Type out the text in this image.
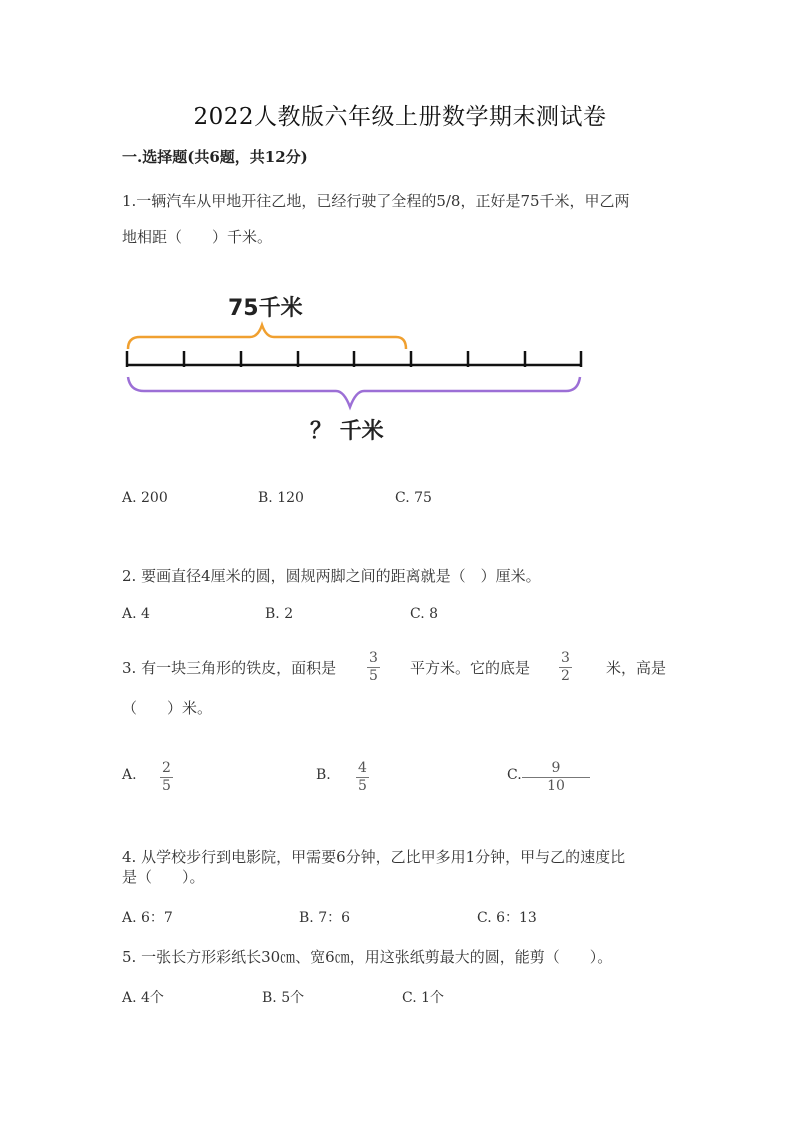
2022人教版六年级上册数学期末测试卷
一.选择题(共6题，共12分)
1.一辆汽车从甲地开往乙地，已经行驶了全程的5/8，正好是75千米，甲乙两
地相距（　　）千米。
75千米
？ 千米
A. 200	B. 120	C. 75
2. 要画直径4厘米的圆，圆规两脚之间的距离就是（　）厘米。
A. 4	B. 2	C. 8
3. 有一块三角形的铁皮，面积是
3
5 平方米。它的底是
3
2 米，高是
（　　）米。
A. 2
5
B. 4
5
C. 9
10
4. 从学校步行到电影院，甲需要6分钟，乙比甲多用1分钟，甲与乙的速度比
是（　　）。
A. 6：7	B. 7：6	C. 6：13
5. 一张长方形彩纸长30㎝、宽6㎝，用这张纸剪最大的圆，能剪（　　）。
A. 4个	B. 5个	C. 1个
